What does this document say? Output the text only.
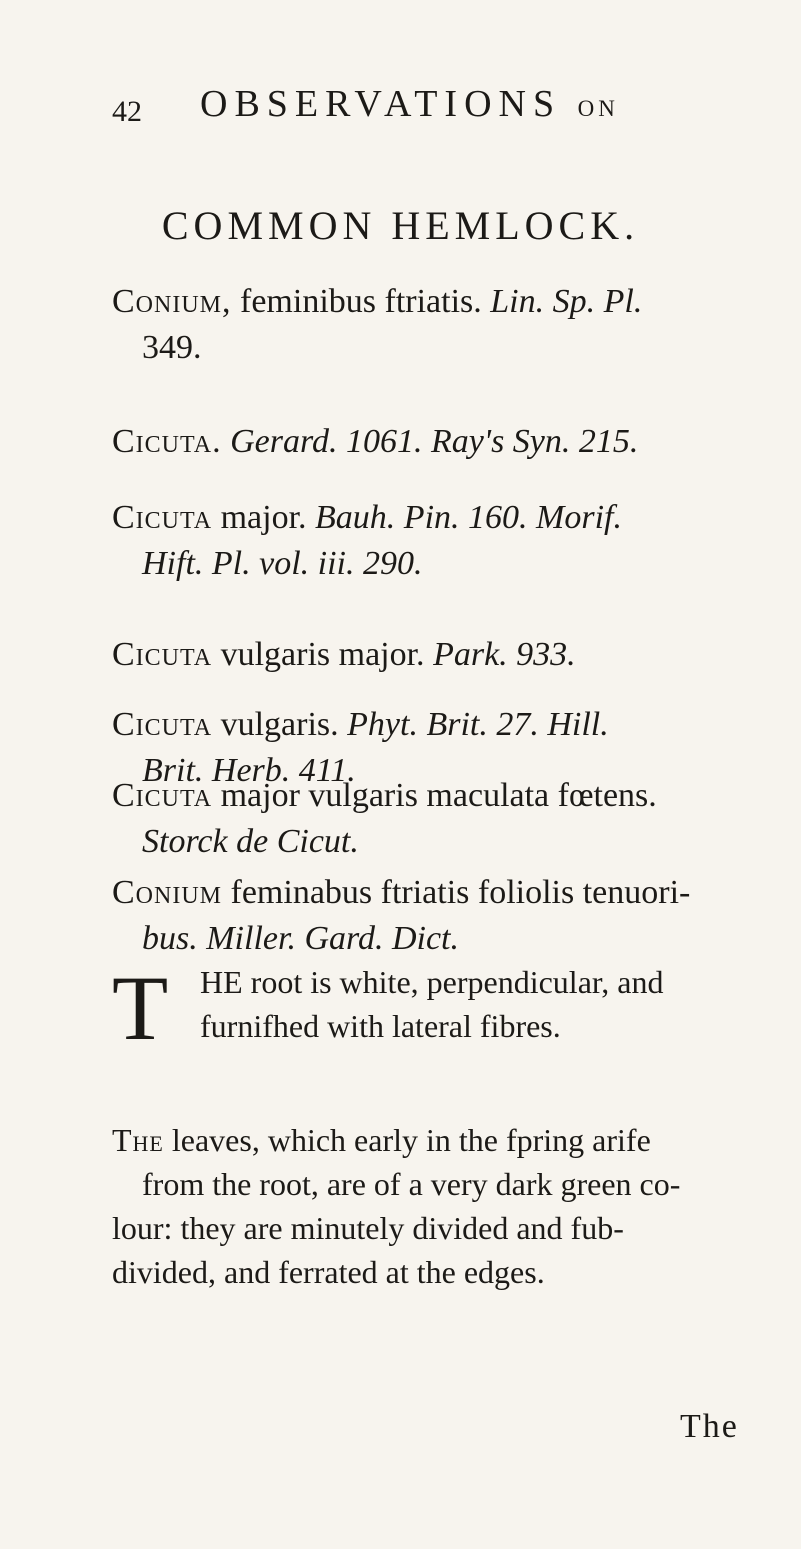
42 OBSERVATIONS ON
COMMON HEMLOCK.
Conium, feminibus ftriatis. Lin. Sp. Pl.
349.
Cicuta. Gerard. 1061. Ray's Syn. 215.
Cicuta major. Bauh. Pin. 160. Morif.
Hift. Pl. vol. iii. 290.
Cicuta vulgaris major. Park. 933.
Cicuta vulgaris. Phyt. Brit. 27. Hill.
Brit. Herb. 411.
Cicuta major vulgaris maculata fœtens.
Storck de Cicut.
Conium feminabus ftriatis foliolis tenuori-
bus. Miller. Gard. Dict.
T HE root is white, perpendicular, and
furnifhed with lateral fibres.
The leaves, which early in the fpring arife
from the root, are of a very dark green co-
lour: they are minutely divided and fub-
divided, and ferrated at the edges.
The
